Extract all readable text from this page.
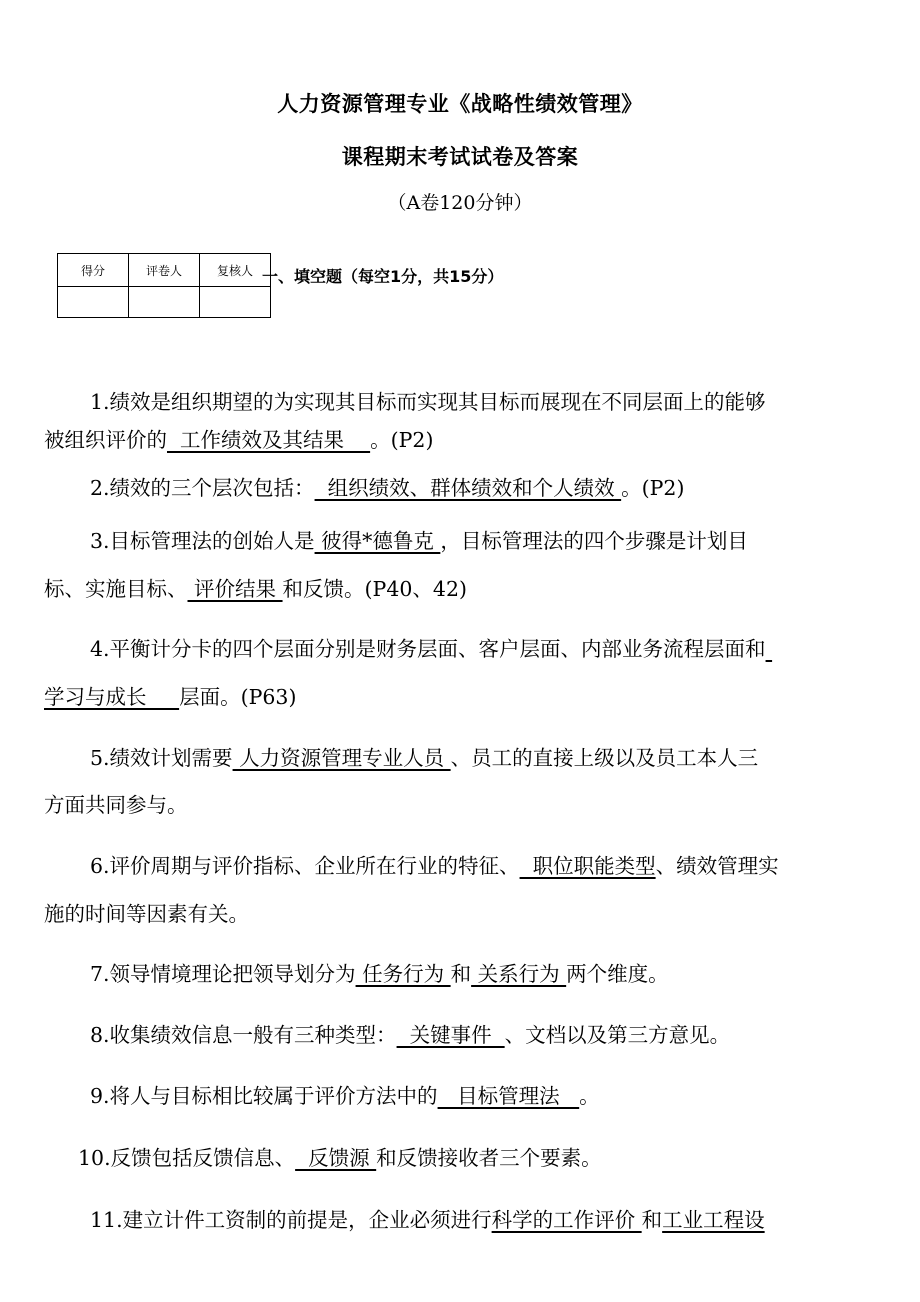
人力资源管理专业《战略性绩效管理》
课程期末考试试卷及答案
（A卷120分钟）
得分	评卷人	复核人
		一、填空题（每空1分，共15分）
1.绩效是组织期望的为实现其目标而实现其目标而展现在不同层面上的能够
被组织评价的  工作绩效及其结果    。(P2)
2.绩效的三个层次包括：  组织绩效、群体绩效和个人绩效 。(P2)
3.目标管理法的创始人是 彼得*德鲁克 ，目标管理法的四个步骤是计划目
标、实施目标、 评价结果 和反馈。(P40、42)
4.平衡计分卡的四个层面分别是财务层面、客户层面、内部业务流程层面和
学习与成长     层面。(P63)
5.绩效计划需要 人力资源管理专业人员 、员工的直接上级以及员工本人三
方面共同参与。
6.评价周期与评价指标、企业所在行业的特征、  职位职能类型、绩效管理实
施的时间等因素有关。
7.领导情境理论把领导划分为 任务行为 和 关系行为 两个维度。
8.收集绩效信息一般有三种类型：  关键事件  、文档以及第三方意见。
9.将人与目标相比较属于评价方法中的   目标管理法   。
10.反馈包括反馈信息、  反馈源 和反馈接收者三个要素。
11.建立计件工资制的前提是，企业必须进行科学的工作评价 和工业工程设
